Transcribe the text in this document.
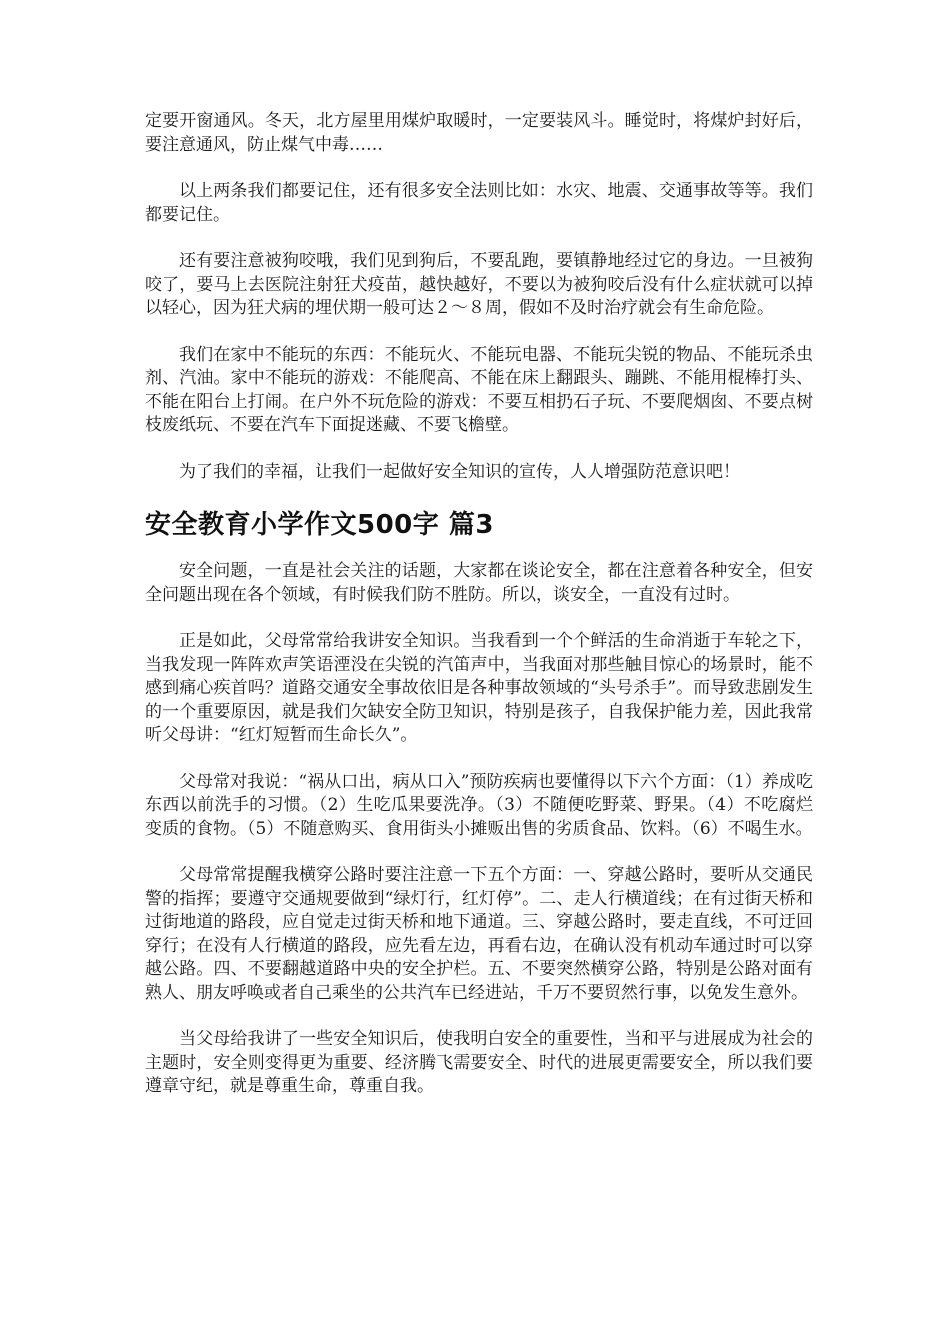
定要开窗通风。冬天，北方屋里用煤炉取暖时，一定要装风斗。睡觉时，将煤炉封好后，要注意通风，防止煤气中毒……

以上两条我们都要记住，还有很多安全法则比如：水灾、地震、交通事故等等。我们都要记住。

还有要注意被狗咬哦，我们见到狗后，不要乱跑，要镇静地经过它的身边。一旦被狗咬了，要马上去医院注射狂犬疫苗，越快越好，不要以为被狗咬后没有什么症状就可以掉以轻心，因为狂犬病的埋伏期一般可达２～８周，假如不及时治疗就会有生命危险。

我们在家中不能玩的东西：不能玩火、不能玩电器、不能玩尖锐的物品、不能玩杀虫剂、汽油。家中不能玩的游戏：不能爬高、不能在床上翻跟头、蹦跳、不能用棍棒打头、不能在阳台上打闹。在户外不玩危险的游戏：不要互相扔石子玩、不要爬烟囱、不要点树枝废纸玩、不要在汽车下面捉迷藏、不要飞檐壁。

为了我们的幸福，让我们一起做好安全知识的宣传，人人增强防范意识吧！

安全教育小学作文500字 篇3

安全问题，一直是社会关注的话题，大家都在谈论安全，都在注意着各种安全，但安全问题出现在各个领域，有时候我们防不胜防。所以，谈安全，一直没有过时。

正是如此，父母常常给我讲安全知识。当我看到一个个鲜活的生命消逝于车轮之下，当我发现一阵阵欢声笑语湮没在尖锐的汽笛声中，当我面对那些触目惊心的场景时，能不感到痛心疾首吗？道路交通安全事故依旧是各种事故领域的“头号杀手”。而导致悲剧发生的一个重要原因，就是我们欠缺安全防卫知识，特别是孩子，自我保护能力差，因此我常听父母讲：“红灯短暂而生命长久”。

父母常对我说：“祸从口出，病从口入”预防疾病也要懂得以下六个方面：（1）养成吃东西以前洗手的习惯。（2）生吃瓜果要洗净。（3）不随便吃野菜、野果。（4）不吃腐烂变质的食物。（5）不随意购买、食用街头小摊贩出售的劣质食品、饮料。（6）不喝生水。

父母常常提醒我横穿公路时要注注意一下五个方面：一、穿越公路时，要听从交通民警的指挥；要遵守交通规要做到“绿灯行，红灯停”。二、走人行横道线；在有过街天桥和过街地道的路段，应自觉走过街天桥和地下通道。三、穿越公路时，要走直线，不可迂回穿行；在没有人行横道的路段，应先看左边，再看右边，在确认没有机动车通过时可以穿越公路。四、不要翻越道路中央的安全护栏。五、不要突然横穿公路，特别是公路对面有熟人、朋友呼唤或者自己乘坐的公共汽车已经进站，千万不要贸然行事，以免发生意外。

当父母给我讲了一些安全知识后，使我明白安全的重要性，当和平与进展成为社会的主题时，安全则变得更为重要、经济腾飞需要安全、时代的进展更需要安全，所以我们要遵章守纪，就是尊重生命，尊重自我。
